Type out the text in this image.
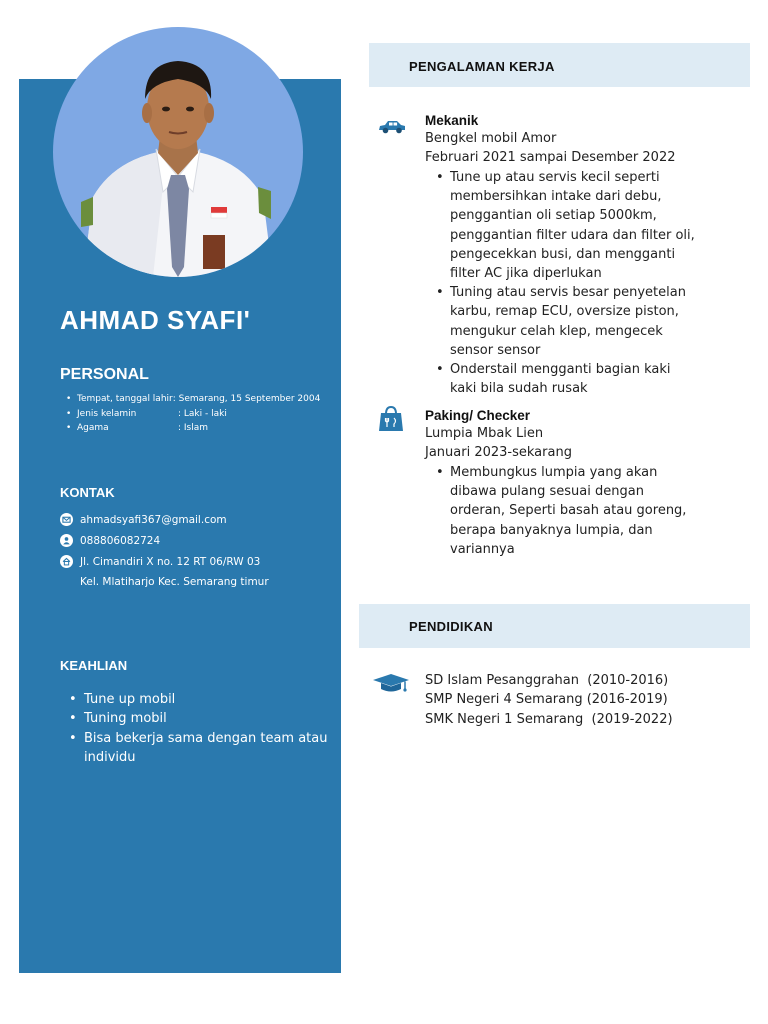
AHMAD SYAFI'
PERSONAL
• Tempat, tanggal lahir: Semarang, 15 September 2004
• Jenis kelamin	: Laki - laki
• Agama	: Islam
KONTAK
ahmadsyafi367@gmail.com
088806082724
Jl. Cimandiri X no. 12 RT 06/RW 03
Kel. Mlatiharjo Kec. Semarang timur
KEAHLIAN
• Tune up mobil
• Tuning mobil
• Bisa bekerja sama dengan team atau individu
PENGALAMAN KERJA
Mekanik
Bengkel mobil Amor
Februari 2021 sampai Desember 2022
• Tune up atau servis kecil seperti membersihkan intake dari debu, penggantian oli setiap 5000km, penggantian filter udara dan filter oli, pengecekkan busi, dan mengganti filter AC jika diperlukan
• Tuning atau servis besar penyetelan karbu, remap ECU, oversize piston, mengukur celah klep, mengecek sensor sensor
• Onderstail mengganti bagian kaki kaki bila sudah rusak
Paking/ Checker
Lumpia Mbak Lien
Januari 2023-sekarang
• Membungkus lumpia yang akan dibawa pulang sesuai dengan orderan, Seperti basah atau goreng, berapa banyaknya lumpia, dan variannya
PENDIDIKAN
SD Islam Pesanggrahan  (2010-2016)
SMP Negeri 4 Semarang (2016-2019)
SMK Negeri 1 Semarang  (2019-2022)
